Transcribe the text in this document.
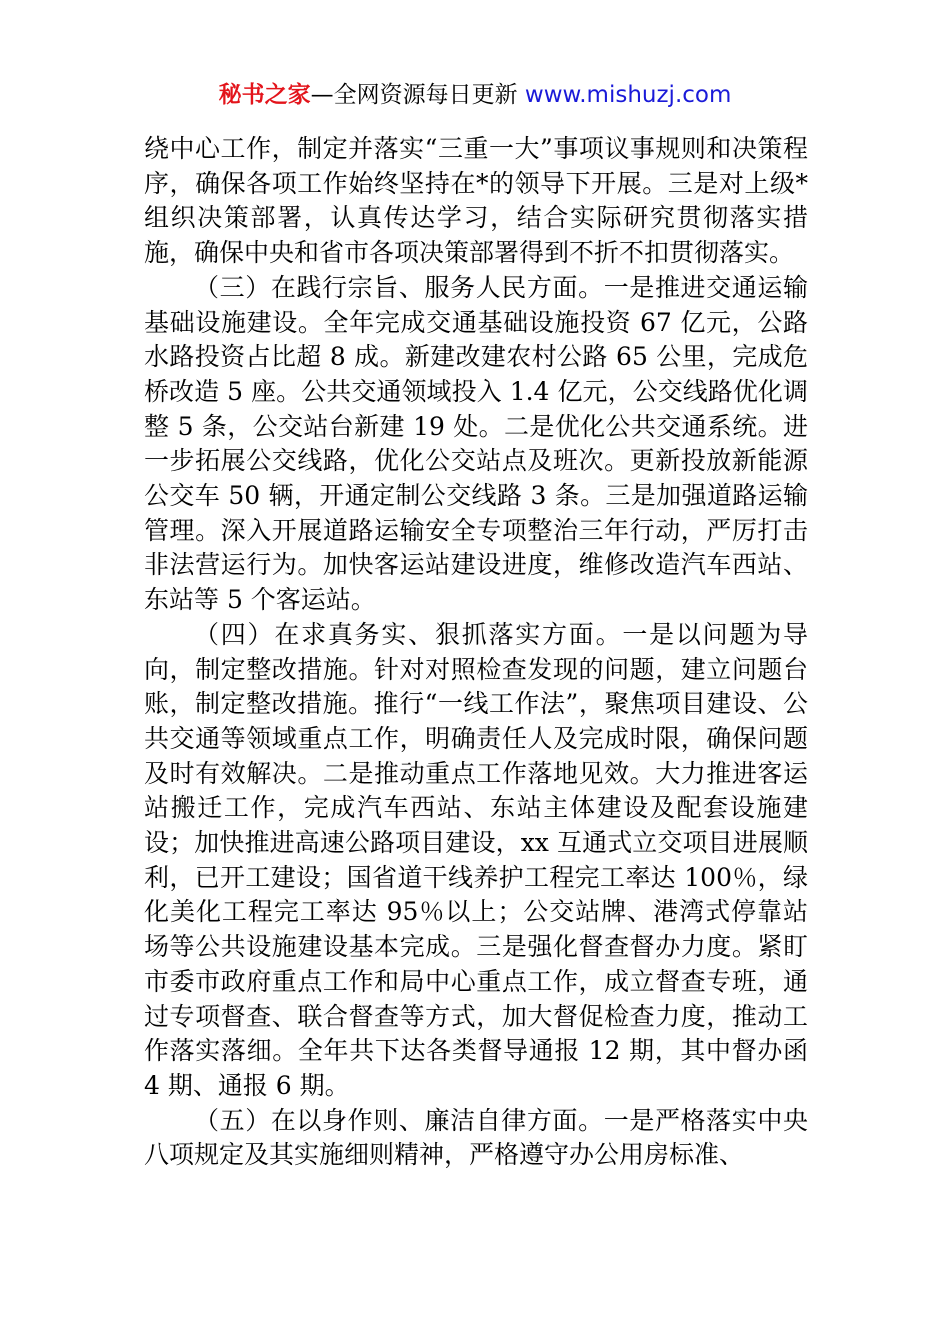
秘书之家—全网资源每日更新 www.mishuzj.com

绕中心工作，制定并落实“三重一大”事项议事规则和决策程序，确保各项工作始终坚持在*的领导下开展。三是对上级*组织决策部署，认真传达学习，结合实际研究贯彻落实措施，确保中央和省市各项决策部署得到不折不扣贯彻落实。

（三）在践行宗旨、服务人民方面。一是推进交通运输基础设施建设。全年完成交通基础设施投资 67 亿元，公路水路投资占比超 8 成。新建改建农村公路 65 公里，完成危桥改造 5 座。公共交通领域投入 1.4 亿元，公交线路优化调整 5 条，公交站台新建 19 处。二是优化公共交通系统。进一步拓展公交线路，优化公交站点及班次。更新投放新能源公交车 50 辆，开通定制公交线路 3 条。三是加强道路运输管理。深入开展道路运输安全专项整治三年行动，严厉打击非法营运行为。加快客运站建设进度，维修改造汽车西站、东站等 5 个客运站。

（四）在求真务实、狠抓落实方面。一是以问题为导向，制定整改措施。针对对照检查发现的问题，建立问题台账，制定整改措施。推行“一线工作法”，聚焦项目建设、公共交通等领域重点工作，明确责任人及完成时限，确保问题及时有效解决。二是推动重点工作落地见效。大力推进客运站搬迁工作，完成汽车西站、东站主体建设及配套设施建设；加快推进高速公路项目建设，xx 互通式立交项目进展顺利，已开工建设；国省道干线养护工程完工率达 100％，绿化美化工程完工率达 95％以上；公交站牌、港湾式停靠站场等公共设施建设基本完成。三是强化督查督办力度。紧盯市委市政府重点工作和局中心重点工作，成立督查专班，通过专项督查、联合督查等方式，加大督促检查力度，推动工作落实落细。全年共下达各类督导通报 12 期，其中督办函 4 期、通报 6 期。

（五）在以身作则、廉洁自律方面。一是严格落实中央八项规定及其实施细则精神，严格遵守办公用房标准、
